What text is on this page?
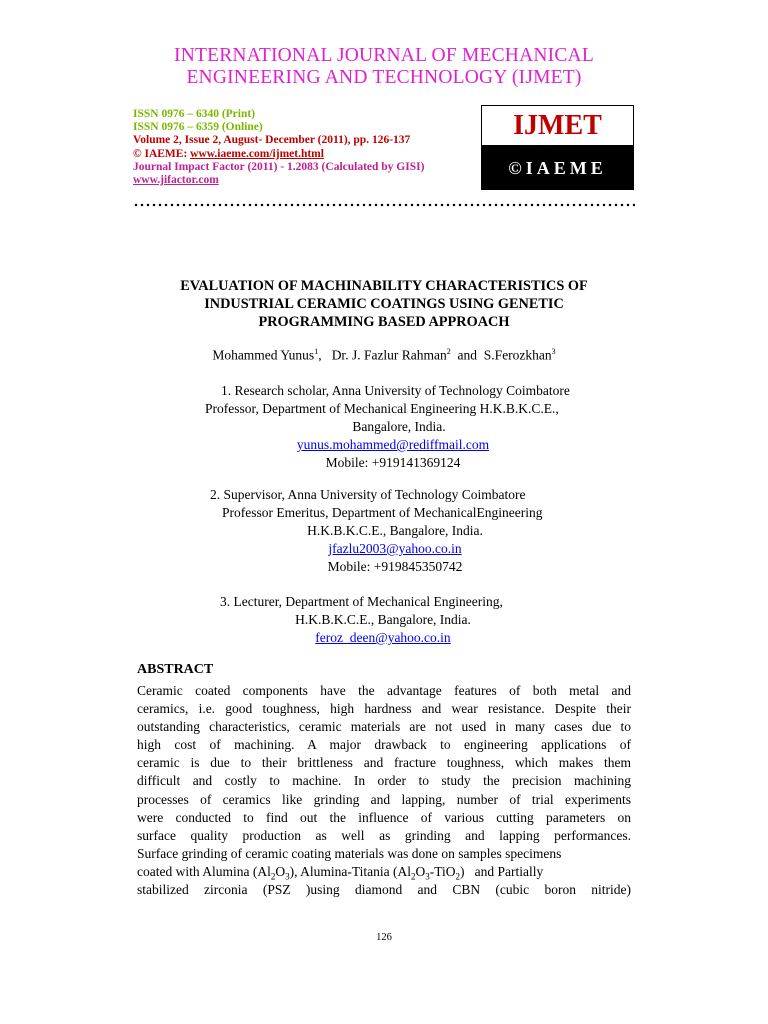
INTERNATIONAL JOURNAL OF MECHANICAL
ENGINEERING AND TECHNOLOGY (IJMET)
ISSN 0976 – 6340 (Print)
ISSN 0976 – 6359 (Online)
Volume 2, Issue 2, August- December (2011), pp. 126-137
© IAEME: www.iaeme.com/ijmet.html
Journal Impact Factor (2011) - 1.2083 (Calculated by GISI)
www.jifactor.com
IJMET
©IAEME
EVALUATION OF MACHINABILITY CHARACTERISTICS OF
INDUSTRIAL CERAMIC COATINGS USING GENETIC
PROGRAMMING BASED APPROACH
Mohammed Yunus$^1$,   Dr. J. Fazlur Rahman$^2$  and  S.Ferozkhan$^3$
1. Research scholar, Anna University of Technology Coimbatore
Professor, Department of Mechanical Engineering H.K.B.K.C.E.,
Bangalore, India.
yunus.mohammed@rediffmail.com
Mobile: +919141369124
2. Supervisor, Anna University of Technology Coimbatore
Professor Emeritus, Department of MechanicalEngineering
H.K.B.K.C.E., Bangalore, India.
jfazlu2003@yahoo.co.in
Mobile: +919845350742
3. Lecturer, Department of Mechanical Engineering,
H.K.B.K.C.E., Bangalore, India.
feroz_deen@yahoo.co.in
ABSTRACT
Ceramic coated components have the advantage features of both metal and
ceramics, i.e. good toughness, high hardness and wear resistance. Despite their
outstanding characteristics, ceramic materials are not used in many cases due to
high cost of machining. A major drawback to engineering applications of
ceramic is due to their brittleness and fracture toughness, which makes them
difficult and costly to machine. In order to study the precision machining
processes of ceramics like grinding and lapping, number of trial experiments
were conducted to find out the influence of various cutting parameters on
surface quality production as well as grinding and lapping performances.
Surface grinding of ceramic coating materials was done on samples specimens
coated with Alumina $(Al_2O_3)$, Alumina-Titania $(Al_2O_3-TiO_2)$   and Partially
stabilized zirconia (PSZ )using diamond and CBN (cubic boron nitride)
126
